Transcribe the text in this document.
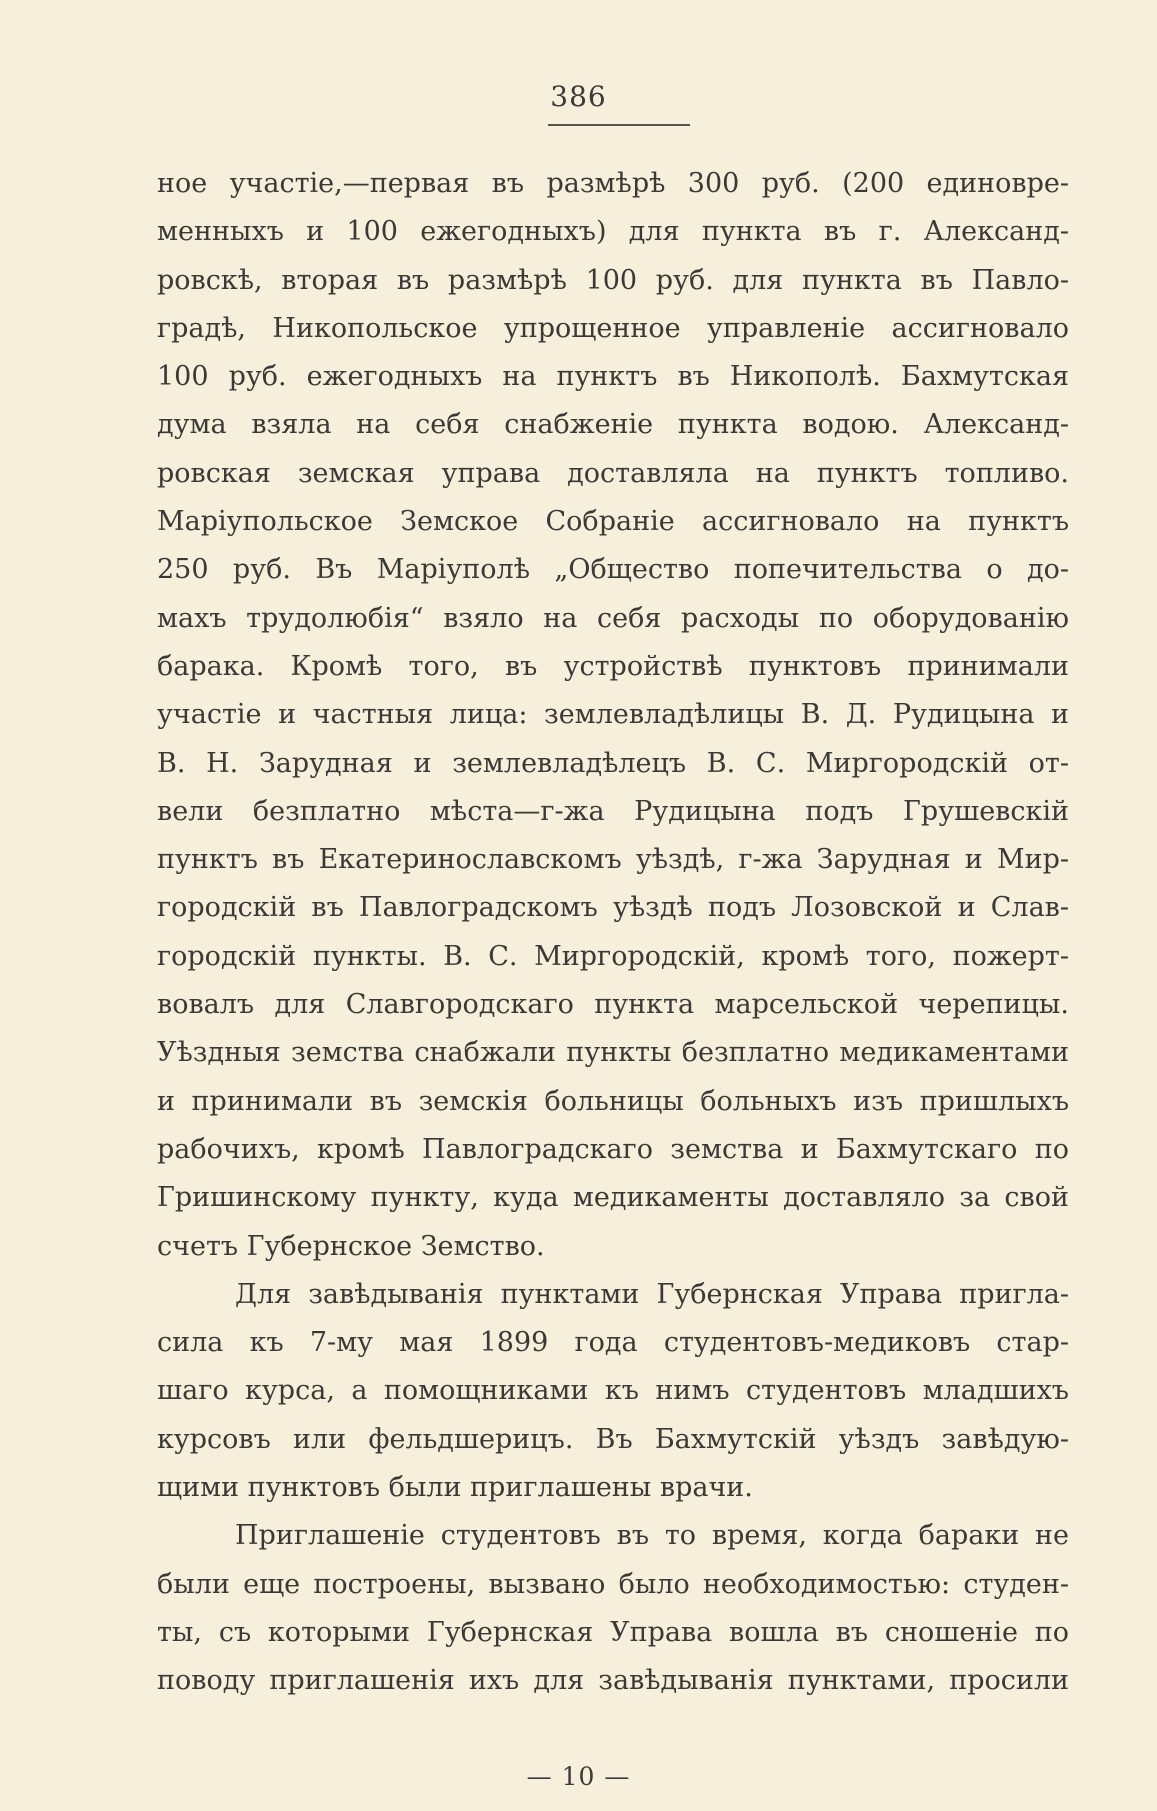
386
ное участіе,—первая въ размѣрѣ 300 руб. (200 единовре-
менныхъ и 100 ежегодныхъ) для пункта въ г. Александ-
ровскѣ, вторая въ размѣрѣ 100 руб. для пункта въ Павло-
градѣ, Никопольское упрощенное управленіе ассигновало
100 руб. ежегодныхъ на пунктъ въ Никополѣ. Бахмутская
дума взяла на себя снабженіе пункта водою. Александ-
ровская земская управа доставляла на пунктъ топливо.
Маріупольское Земское Собраніе ассигновало на пунктъ
250 руб. Въ Маріуполѣ „Общество попечительства о до-
махъ трудолюбія“ взяло на себя расходы по оборудованію
барака. Кромѣ того, въ устройствѣ пунктовъ принимали
участіе и частныя лица: землевладѣлицы В. Д. Рудицына и
В. Н. Зарудная и землевладѣлецъ В. С. Миргородскій от-
вели безплатно мѣста—г-жа Рудицына подъ Грушевскій
пунктъ въ Екатеринославскомъ уѣздѣ, г-жа Зарудная и Мир-
городскій въ Павлоградскомъ уѣздѣ подъ Лозовской и Слав-
городскій пункты. В. С. Миргородскій, кромѣ того, пожерт-
вовалъ для Славгородскаго пункта марсельской черепицы.
Уѣздныя земства снабжали пункты безплатно медикаментами
и принимали въ земскія больницы больныхъ изъ пришлыхъ
рабочихъ, кромѣ Павлоградскаго земства и Бахмутскаго по
Гришинскому пункту, куда медикаменты доставляло за свой
счетъ Губернское Земство.
Для завѣдыванія пунктами Губернская Управа пригла-
сила къ 7-му мая 1899 года студентовъ-медиковъ стар-
шаго курса, а помощниками къ нимъ студентовъ младшихъ
курсовъ или фельдшерицъ. Въ Бахмутскій уѣздъ завѣдую-
щими пунктовъ были приглашены врачи.
Приглашеніе студентовъ въ то время, когда бараки не
были еще построены, вызвано было необходимостью: студен-
ты, съ которыми Губернская Управа вошла въ сношеніе по
поводу приглашенія ихъ для завѣдыванія пунктами, просили
— 10 —
